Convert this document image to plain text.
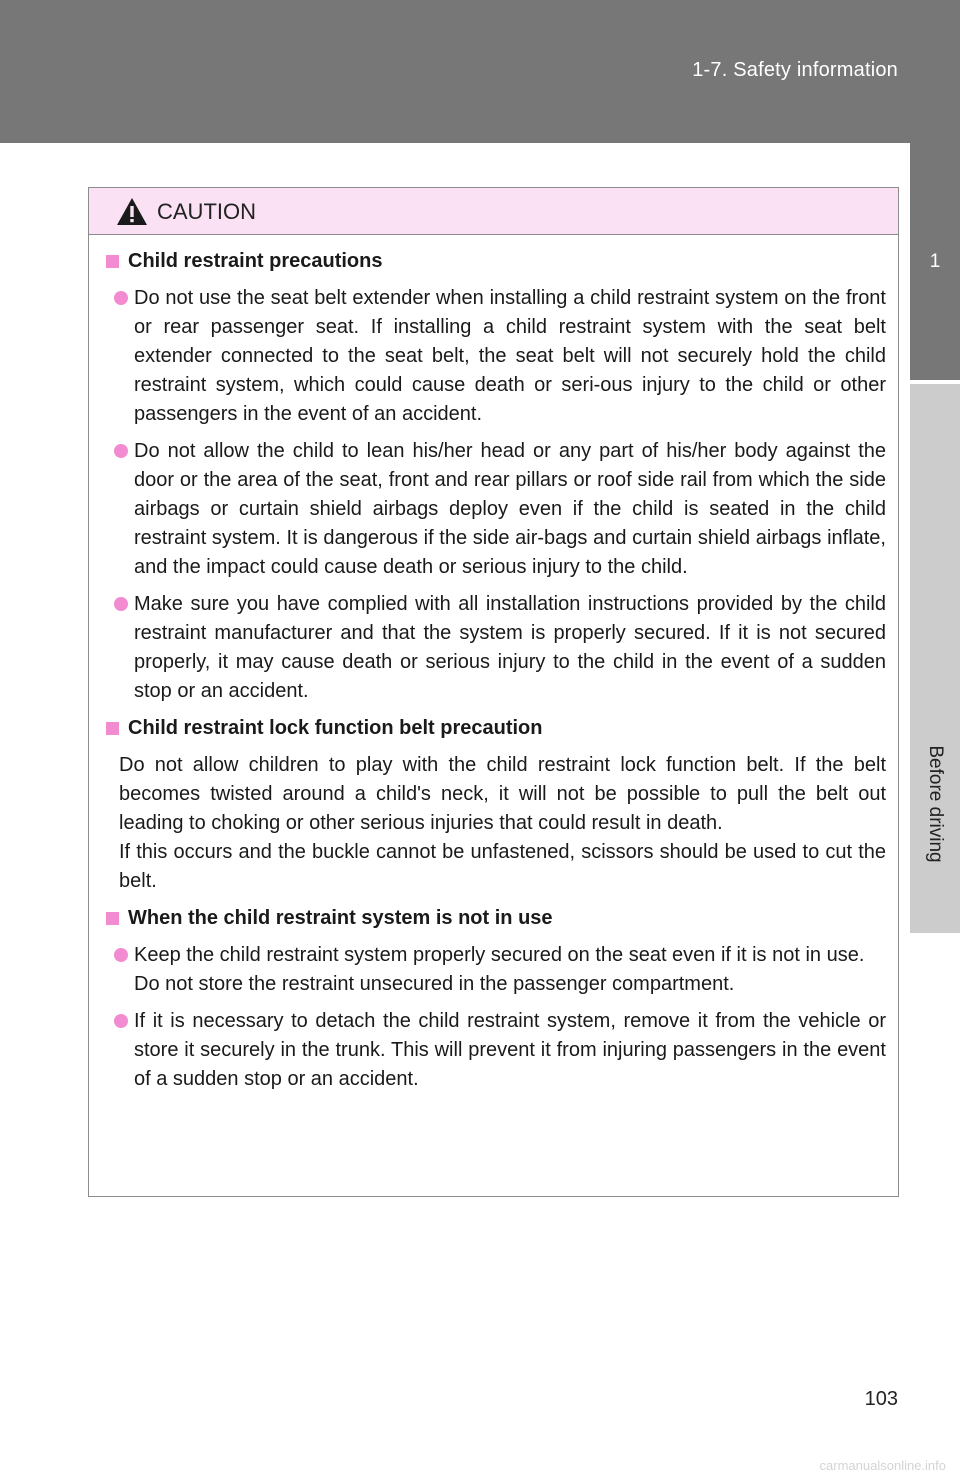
1-7. Safety information
1
Before driving
CAUTION
Child restraint precautions
Do not use the seat belt extender when installing a child restraint system on the front or rear passenger seat. If installing a child restraint system with the seat belt extender connected to the seat belt, the seat belt will not securely hold the child restraint system, which could cause death or seri-ous injury to the child or other passengers in the event of an accident.
Do not allow the child to lean his/her head or any part of his/her body against the door or the area of the seat, front and rear pillars or roof side rail from which the side airbags or curtain shield airbags deploy even if the child is seated in the child restraint system. It is dangerous if the side air-bags and curtain shield airbags inflate, and the impact could cause death or serious injury to the child.
Make sure you have complied with all installation instructions provided by the child restraint manufacturer and that the system is properly secured. If it is not secured properly, it may cause death or serious injury to the child in the event of a sudden stop or an accident.
Child restraint lock function belt precaution
Do not allow children to play with the child restraint lock function belt. If the belt becomes twisted around a child's neck, it will not be possible to pull the belt out leading to choking or other serious injuries that could result in death.
If this occurs and the buckle cannot be unfastened, scissors should be used to cut the belt.
When the child restraint system is not in use
Keep the child restraint system properly secured on the seat even if it is not in use.
Do not store the restraint unsecured in the passenger compartment.
If it is necessary to detach the child restraint system, remove it from the vehicle or store it securely in the trunk. This will prevent it from injuring passengers in the event of a sudden stop or an accident.
103
carmanualsonline.info
